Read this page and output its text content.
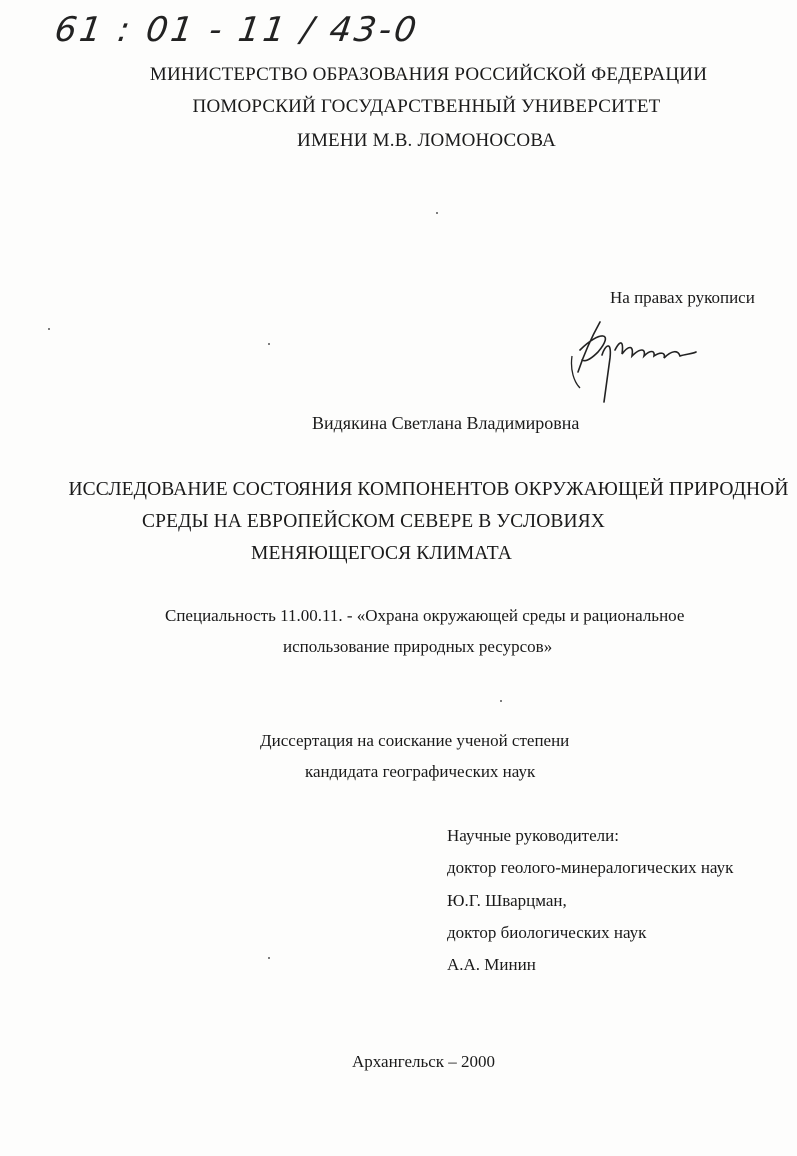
61 : 01 - 11 / 43-0
МИНИСТЕРСТВО ОБРАЗОВАНИЯ РОССИЙСКОЙ ФЕДЕРАЦИИ
ПОМОРСКИЙ ГОСУДАРСТВЕННЫЙ УНИВЕРСИТЕТ
ИМЕНИ М.В. ЛОМОНОСОВА
На правах рукописи
Видякина Светлана Владимировна
ИССЛЕДОВАНИЕ СОСТОЯНИЯ КОМПОНЕНТОВ ОКРУЖАЮЩЕЙ ПРИРОДНОЙ
СРЕДЫ НА ЕВРОПЕЙСКОМ СЕВЕРЕ В УСЛОВИЯХ
МЕНЯЮЩЕГОСЯ КЛИМАТА
Специальность 11.00.11. - «Охрана окружающей среды и рациональное
использование природных ресурсов»
Диссертация на соискание ученой степени
кандидата географических наук
Научные руководители:
доктор геолого-минералогических наук
Ю.Г. Шварцман,
доктор биологических наук
А.А. Минин
Архангельск – 2000
